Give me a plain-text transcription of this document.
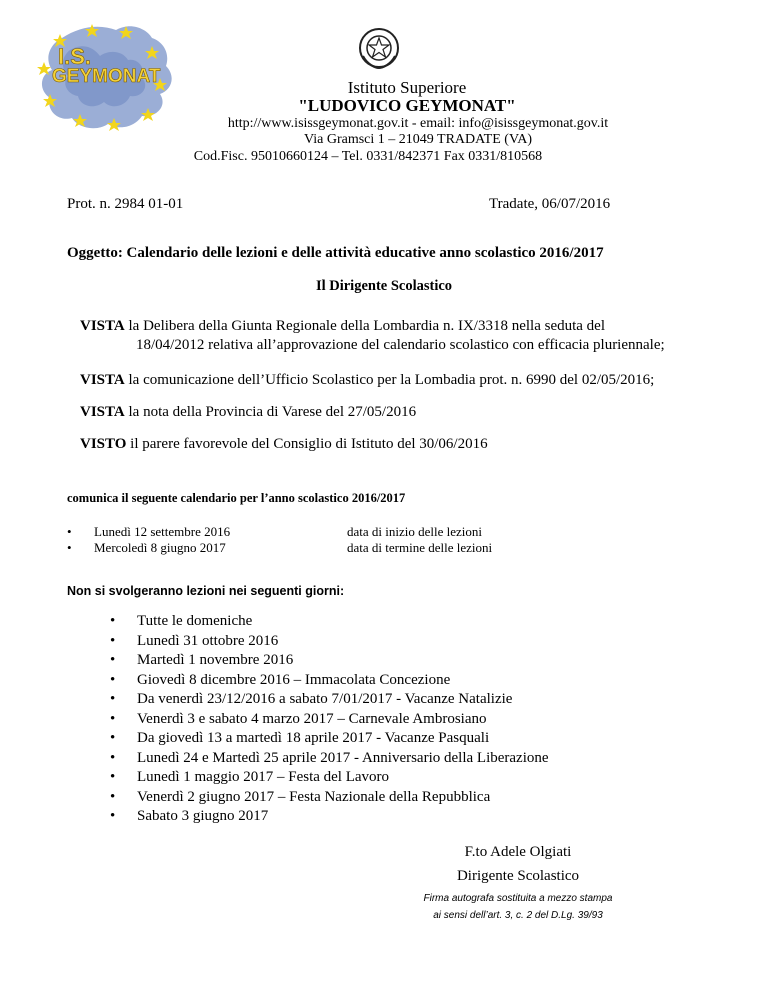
I.S.
GEYMONAT
Istituto Superiore
"LUDOVICO GEYMONAT"
http://www.isissgeymonat.gov.it - email: info@isissgeymonat.gov.it
Via Gramsci 1 – 21049 TRADATE (VA)
Cod.Fisc. 95010660124 – Tel. 0331/842371 Fax 0331/810568
Prot. n. 2984 01-01	Tradate, 06/07/2016
Oggetto: Calendario delle lezioni e delle attività educative anno scolastico 2016/2017
Il Dirigente Scolastico
VISTA la Delibera della Giunta Regionale della Lombardia n. IX/3318 nella seduta del
18/04/2012 relativa all’approvazione del calendario scolastico con efficacia pluriennale;
VISTA la comunicazione dell’Ufficio Scolastico per la Lombadia prot. n. 6990 del 02/05/2016;
VISTA la nota della Provincia di Varese del 27/05/2016
VISTO il parere favorevole del Consiglio di Istituto del 30/06/2016
comunica il seguente calendario per l’anno scolastico 2016/2017
• Lunedì 12 settembre 2016	data di inizio delle lezioni
• Mercoledì 8 giugno 2017	data di termine delle lezioni
Non si svolgeranno lezioni nei seguenti giorni:
• Tutte le domeniche
• Lunedì 31 ottobre 2016
• Martedì 1 novembre 2016
• Giovedì 8 dicembre 2016 – Immacolata Concezione
• Da venerdì 23/12/2016 a sabato 7/01/2017 - Vacanze Natalizie
• Venerdì 3 e sabato 4 marzo 2017 – Carnevale Ambrosiano
• Da giovedì 13 a martedì 18 aprile 2017 - Vacanze Pasquali
• Lunedì 24 e Martedì 25 aprile 2017 - Anniversario della Liberazione
• Lunedì 1 maggio 2017 – Festa del Lavoro
• Venerdì 2 giugno 2017 – Festa Nazionale della Repubblica
• Sabato 3 giugno 2017
F.to Adele Olgiati
Dirigente Scolastico
Firma autografa sostituita a mezzo stampa
ai sensi dell’art. 3, c. 2 del D.Lg. 39/93
